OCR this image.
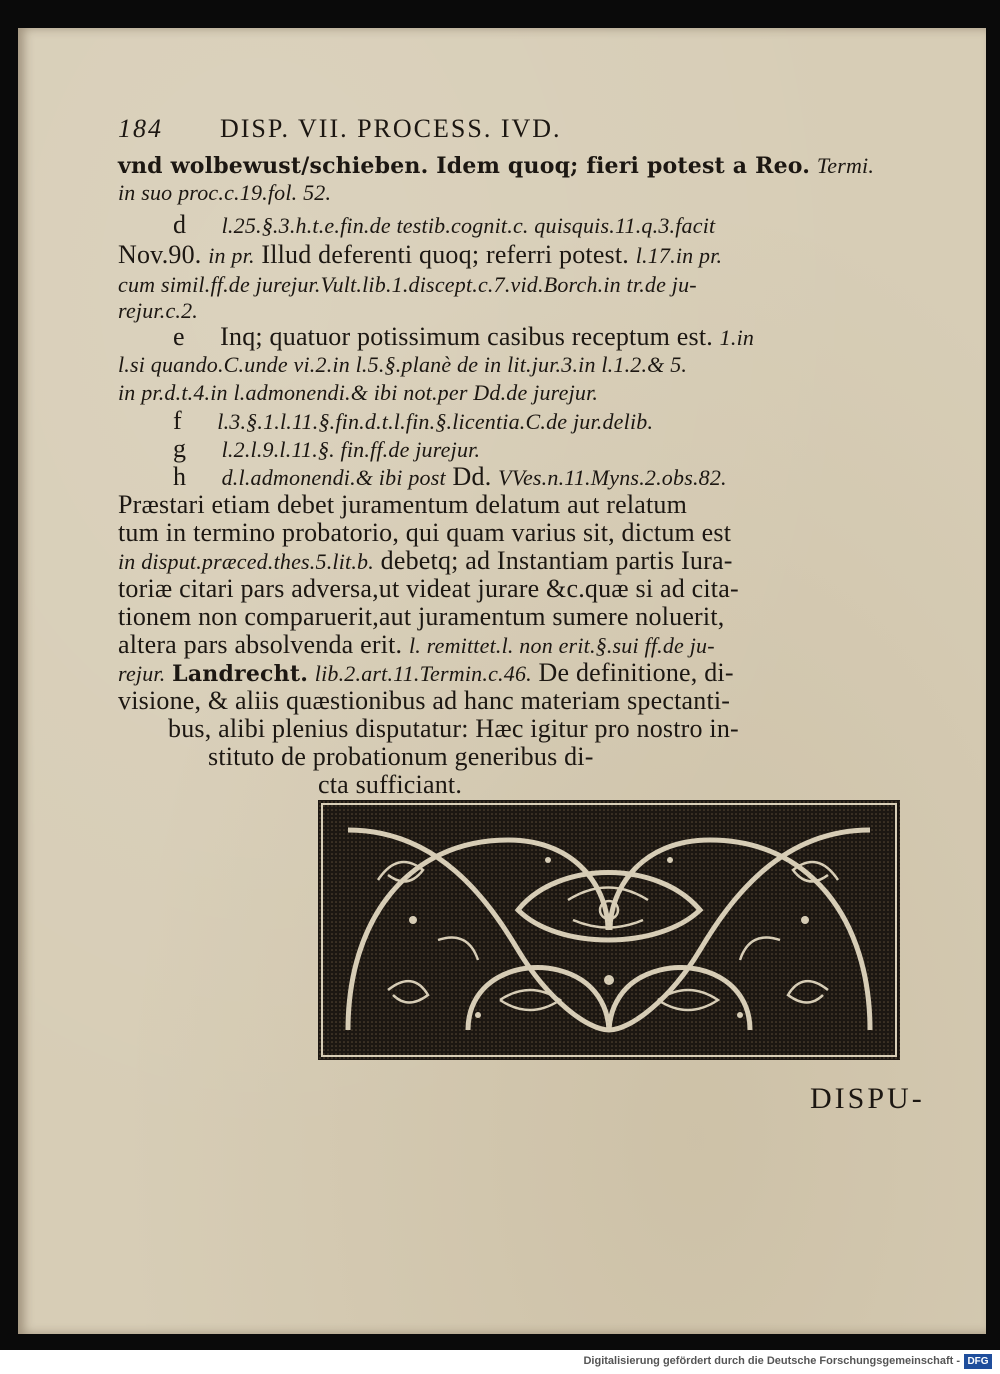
184 DISP. VII. PROCESS. IVD.
vnd wolbewust/schieben. Idem quoq; fieri potest a Reo. Termi.
in suo proc.c.19.fol. 52.
d l.25.§.3.h.t.e.fin.de testib.cognit.c. quisquis.11.q.3.facit
Nov.90. in pr. Illud deferenti quoq; referri potest. l.17.in pr.
cum simil.ff.de jurejur.Vult.lib.1.discept.c.7.vid.Borch.in tr.de ju-
rejur.c.2.
e Inq; quatuor potissimum casibus receptum est. 1.in
l.si quando.C.unde vi.2.in l.5.§.planè de in lit.jur.3.in l.1.2.& 5.
in pr.d.t.4.in l.admonendi.& ibi not.per Dd.de jurejur.
f l.3.§.1.l.11.§.fin.d.t.l.fin.§.licentia.C.de jur.delib.
g l.2.l.9.l.11.§. fin.ff.de jurejur.
h d.l.admonendi.& ibi post Dd. VVes.n.11.Myns.2.obs.82.
Præstari etiam debet juramentum delatum aut relatum
tum in termino probatorio, qui quam varius sit, dictum est
in disput.præced.thes.5.lit.b. debetq; ad Instantiam partis Iura-
toriæ citari pars adversa,ut videat jurare &c.quæ si ad cita-
tionem non comparuerit,aut juramentum sumere noluerit,
altera pars absolvenda erit. l. remittet.l. non erit.§.sui ff.de ju-
rejur. Landrecht. lib.2.art.11.Termin.c.46. De definitione, di-
visione, & aliis quæstionibus ad hanc materiam spectanti-
bus, alibi plenius disputatur: Hæc igitur pro nostro in-
stituto de probationum generibus di-
cta sufficiant.
DISPU-
Digitalisierung gefördert durch die Deutsche Forschungsgemeinschaft - DFG
